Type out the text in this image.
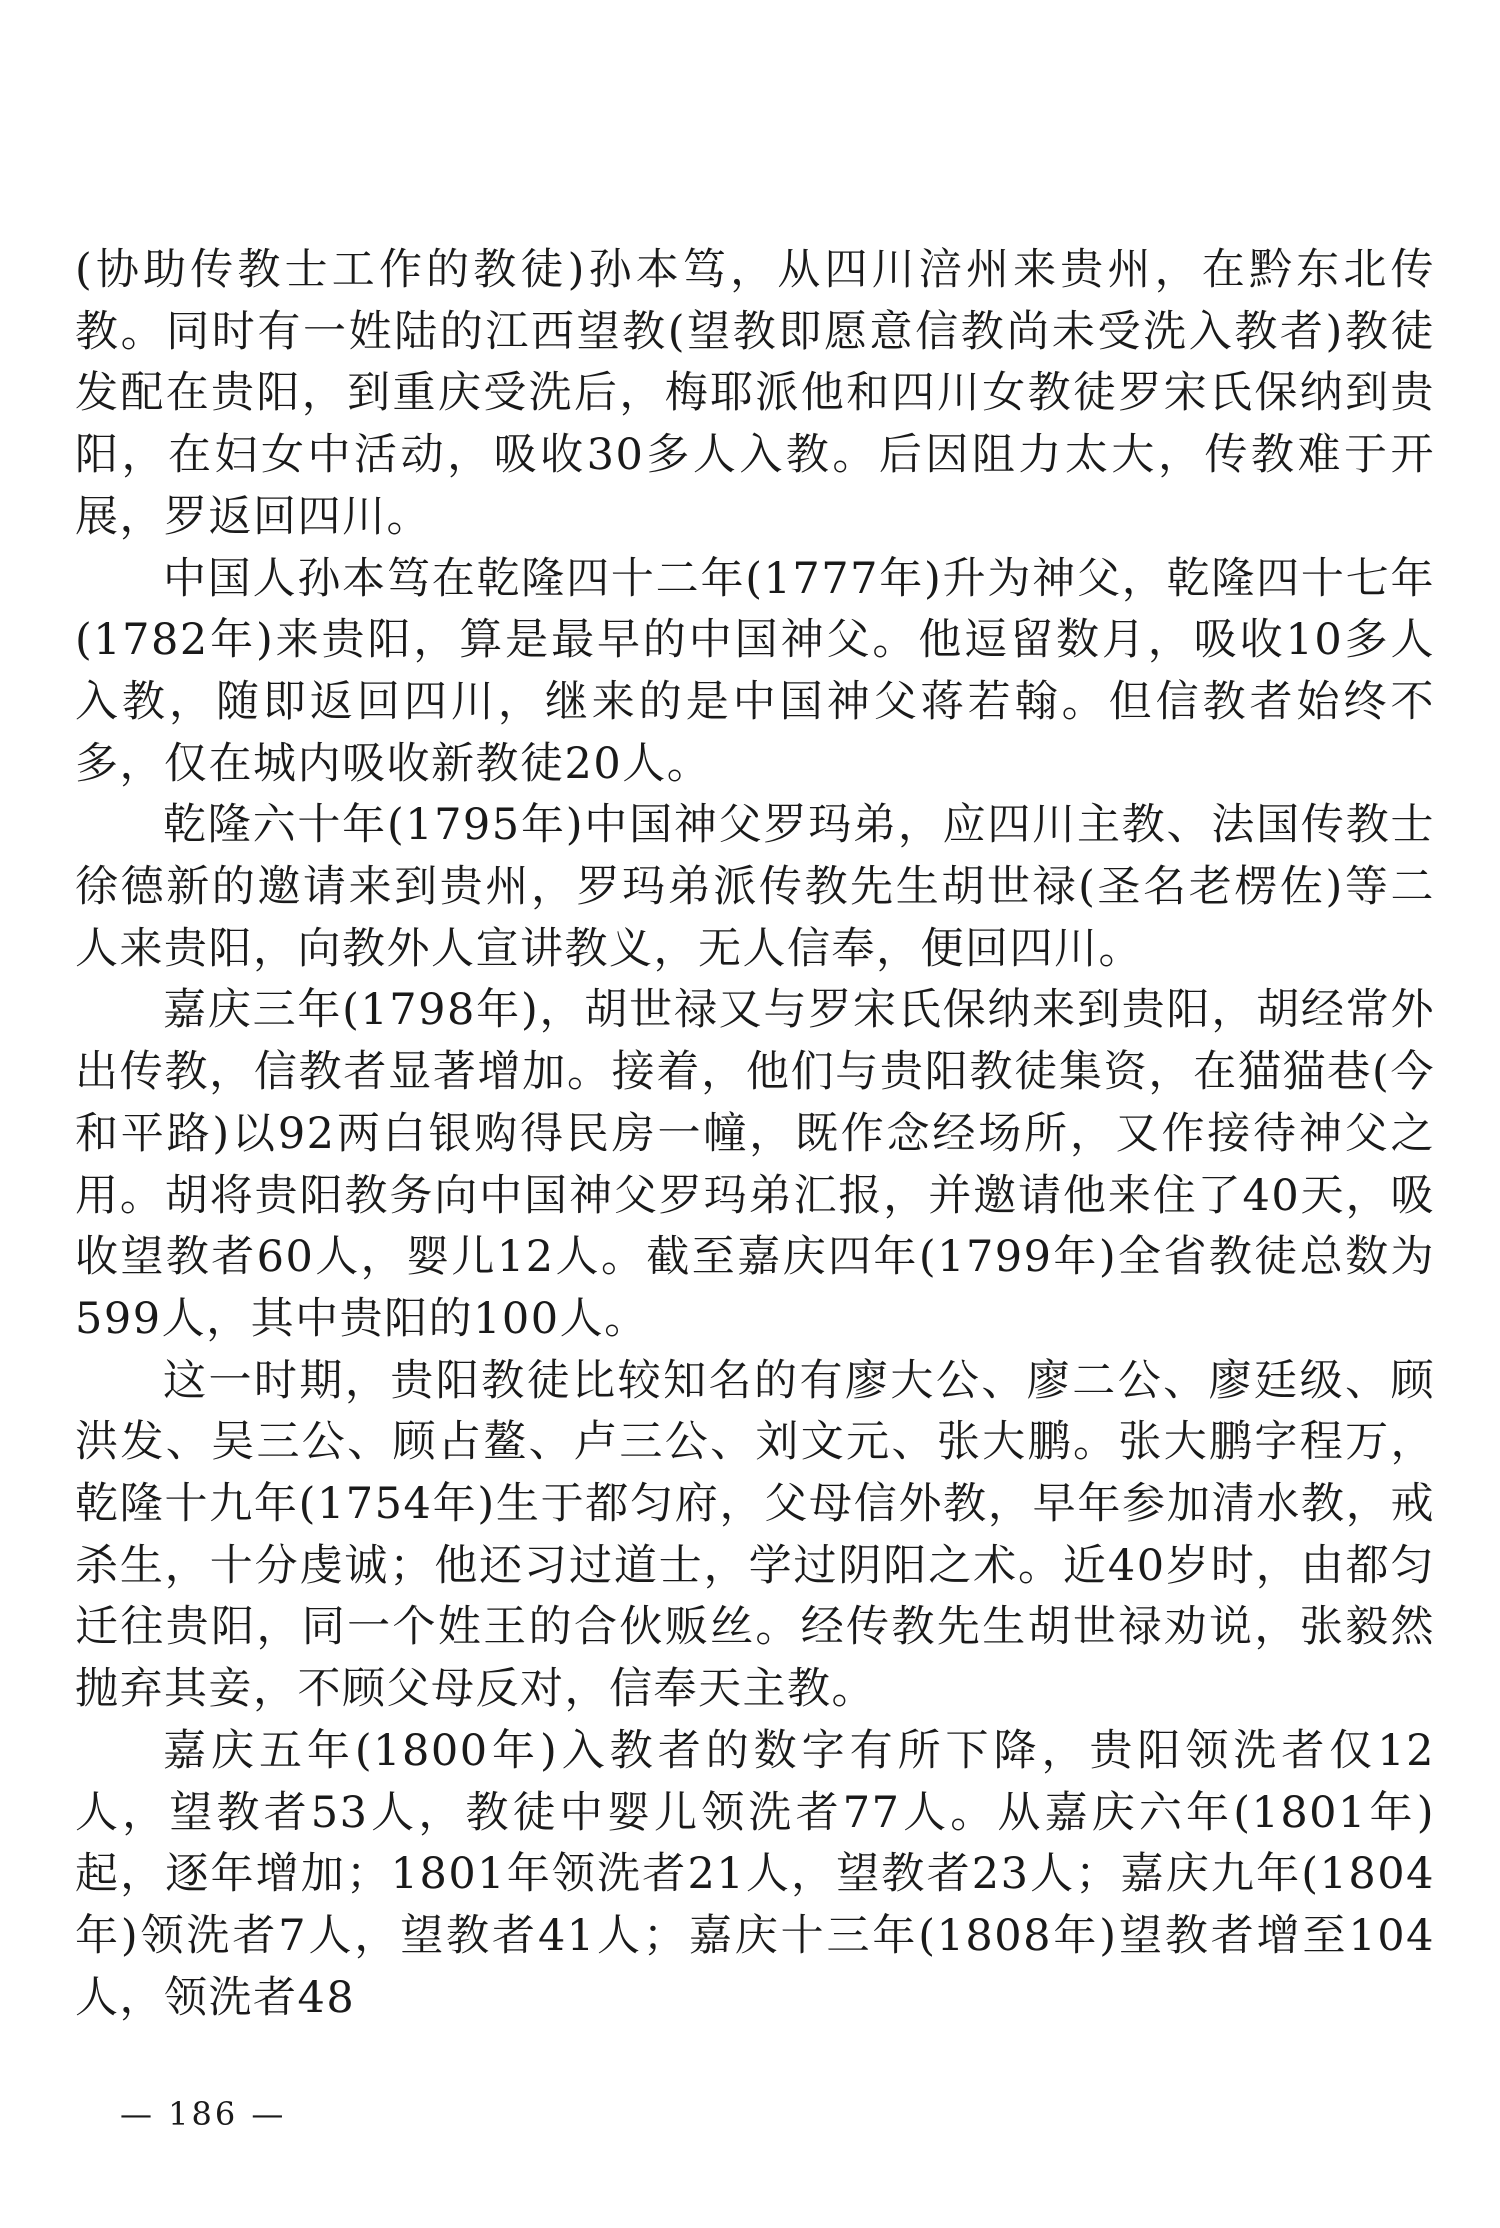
(协助传教士工作的教徒)孙本笃，从四川涪州来贵州，在黔东北传教。同时有一姓陆的江西望教(望教即愿意信教尚未受洗入教者)教徒发配在贵阳，到重庆受洗后，梅耶派他和四川女教徒罗宋氏保纳到贵阳，在妇女中活动，吸收30多人入教。后因阻力太大，传教难于开展，罗返回四川。

中国人孙本笃在乾隆四十二年(1777年)升为神父，乾隆四十七年(1782年)来贵阳，算是最早的中国神父。他逗留数月，吸收10多人入教，随即返回四川，继来的是中国神父蒋若翰。但信教者始终不多，仅在城内吸收新教徒20人。

乾隆六十年(1795年)中国神父罗玛弟，应四川主教、法国传教士徐德新的邀请来到贵州，罗玛弟派传教先生胡世禄(圣名老楞佐)等二人来贵阳，向教外人宣讲教义，无人信奉，便回四川。

嘉庆三年(1798年)，胡世禄又与罗宋氏保纳来到贵阳，胡经常外出传教，信教者显著增加。接着，他们与贵阳教徒集资，在猫猫巷(今和平路)以92两白银购得民房一幢，既作念经场所，又作接待神父之用。胡将贵阳教务向中国神父罗玛弟汇报，并邀请他来住了40天，吸收望教者60人，婴儿12人。截至嘉庆四年(1799年)全省教徒总数为599人，其中贵阳的100人。

这一时期，贵阳教徒比较知名的有廖大公、廖二公、廖廷级、顾洪发、吴三公、顾占鳌、卢三公、刘文元、张大鹏。张大鹏字程万，乾隆十九年(1754年)生于都匀府，父母信外教，早年参加清水教，戒杀生，十分虔诚；他还习过道士，学过阴阳之术。近40岁时，由都匀迁往贵阳，同一个姓王的合伙贩丝。经传教先生胡世禄劝说，张毅然抛弃其妾，不顾父母反对，信奉天主教。

嘉庆五年(1800年)入教者的数字有所下降，贵阳领洗者仅12人，望教者53人，教徒中婴儿领洗者77人。从嘉庆六年(1801年)起，逐年增加；1801年领洗者21人，望教者23人；嘉庆九年(1804年)领洗者7人，望教者41人；嘉庆十三年(1808年)望教者增至104人，领洗者48

— 186 —
